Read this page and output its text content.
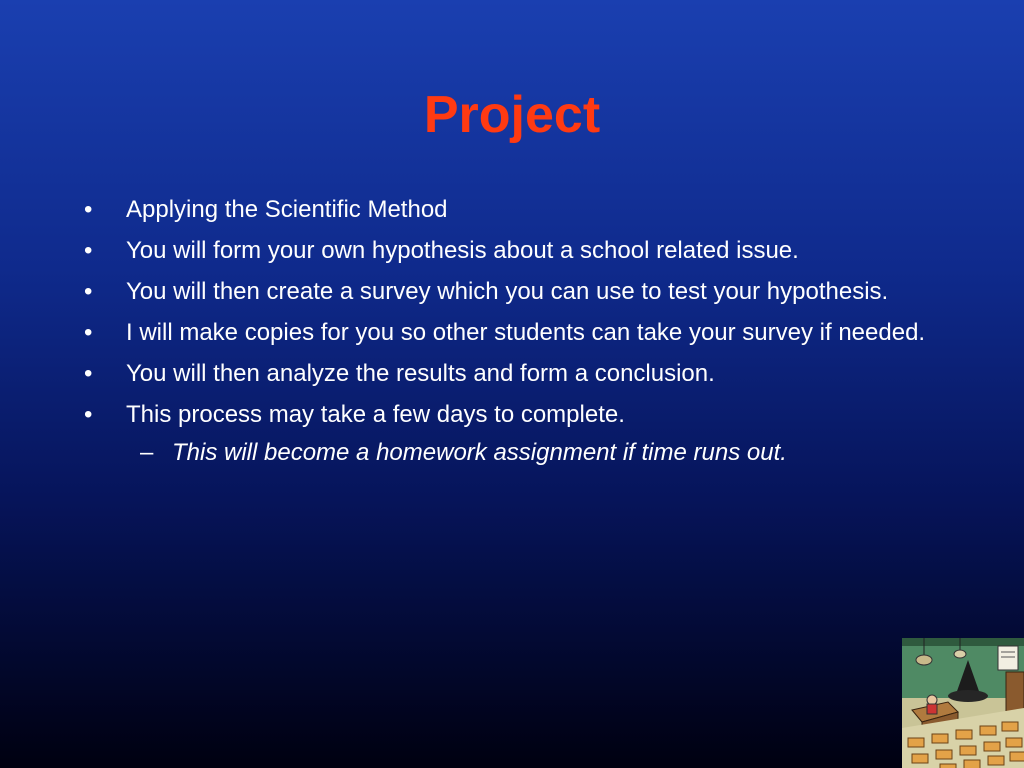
Project
• Applying the Scientific Method
• You will form your own hypothesis about a school related issue.
• You will then create a survey which you can use to test your hypothesis.
• I will make copies for you so other students can take your survey if needed.
• You will then analyze the results and form a conclusion.
• This process may take a few days to complete.
– This will become a homework assignment if time runs out.
